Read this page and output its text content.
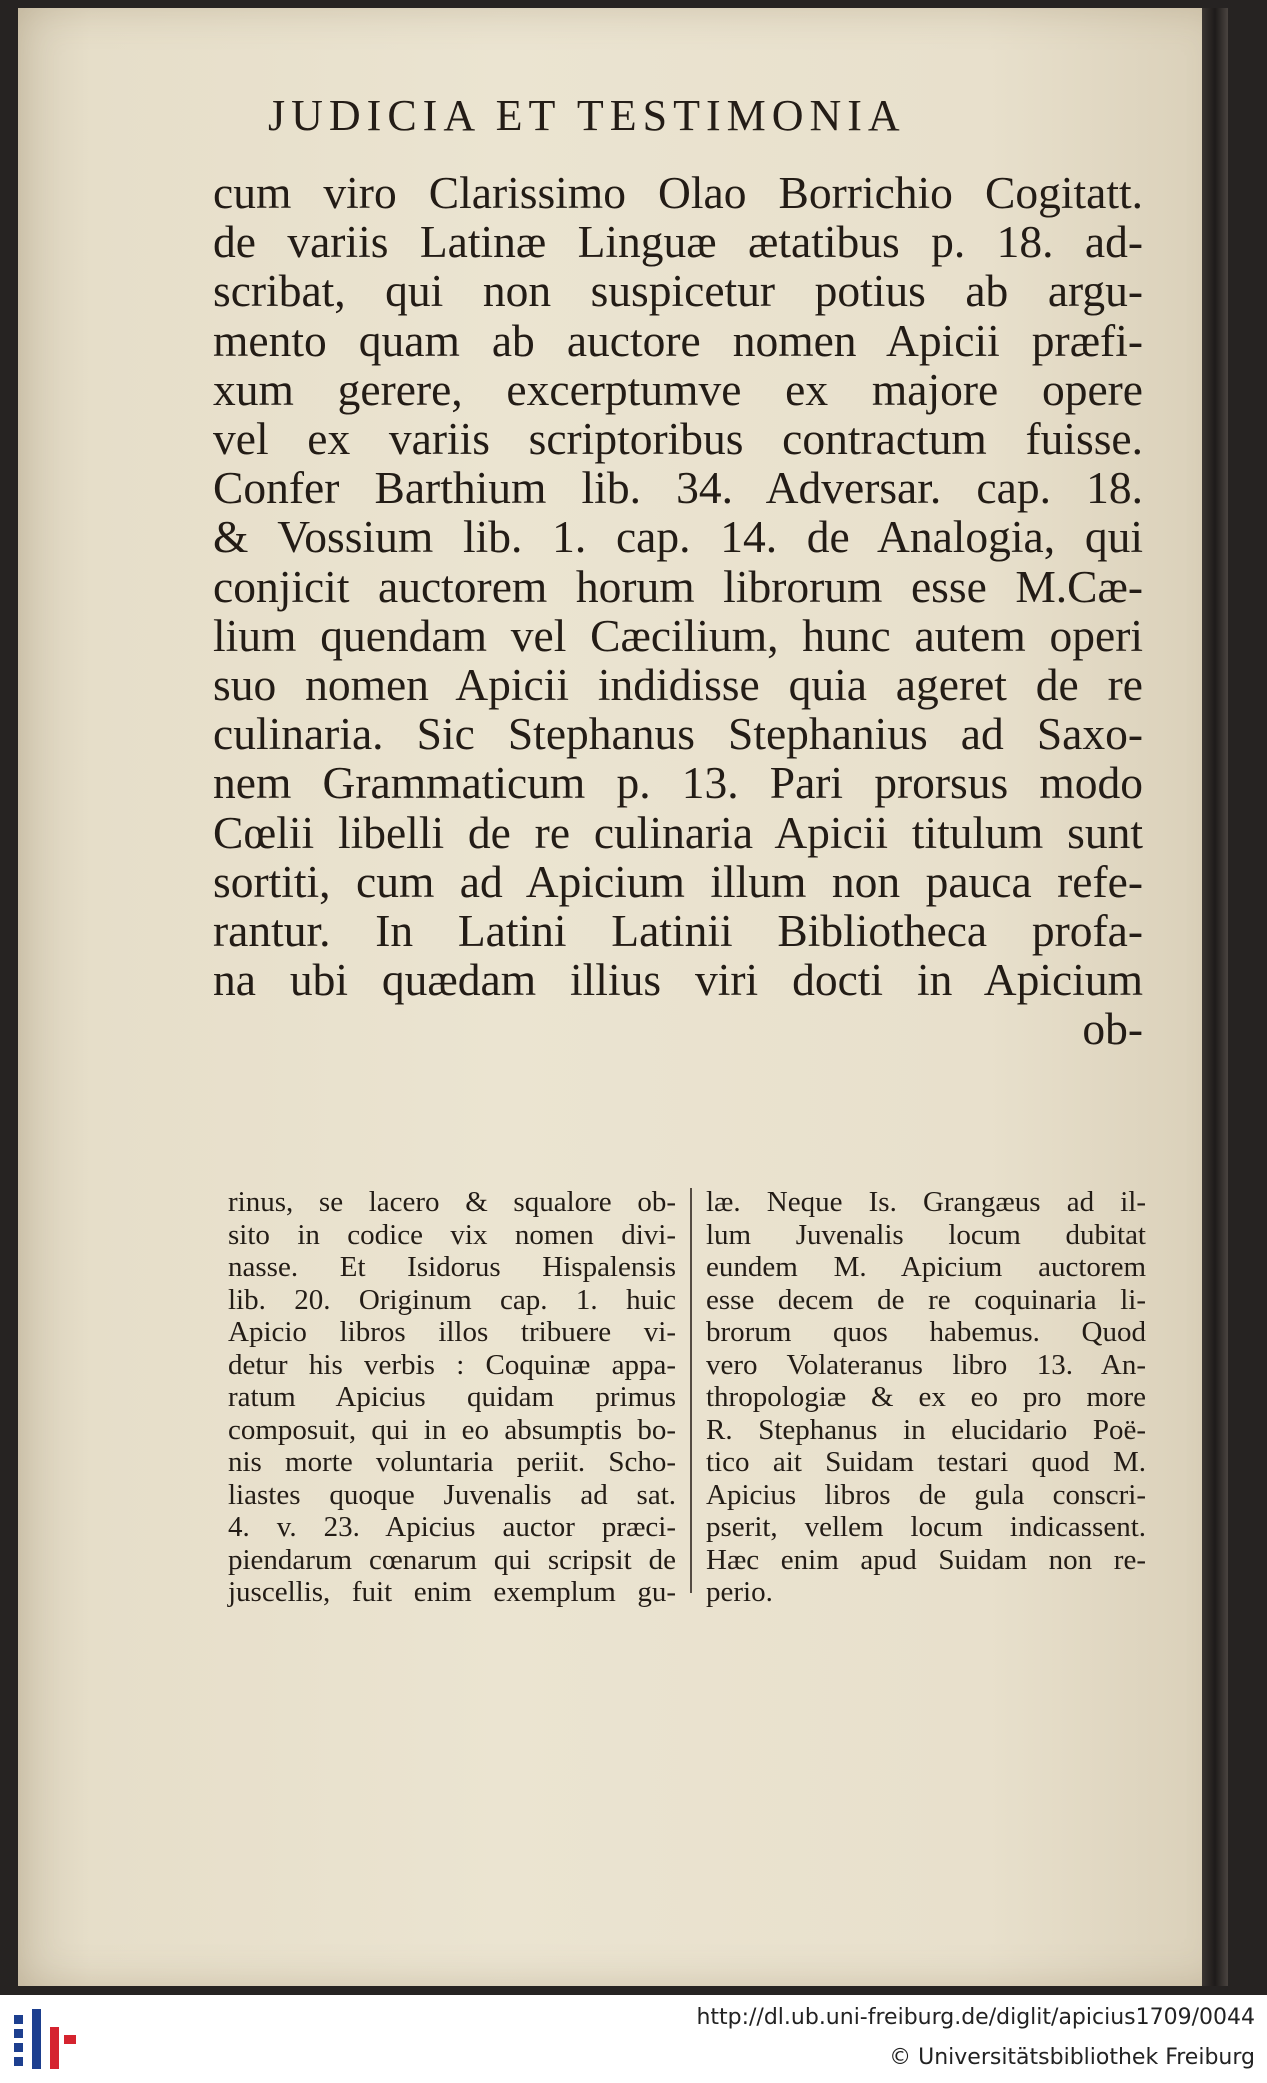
JUDICIA ET TESTIMONIA
cum viro Clarissimo Olao Borrichio Cogitatt.
de variis Latinæ Linguæ ætatibus p. 18. ad-
scribat, qui non suspicetur potius ab argu-
mento quam ab auctore nomen Apicii præfi-
xum gerere, excerptumve ex majore opere
vel ex variis scriptoribus contractum fuisse.
Confer Barthium lib. 34. Adversar. cap. 18.
& Vossium lib. 1. cap. 14. de Analogia, qui
conjicit auctorem horum librorum esse M.Cæ-
lium quendam vel Cæcilium, hunc autem operi
suo nomen Apicii indidisse quia ageret de re
culinaria. Sic Stephanus Stephanius ad Saxo-
nem Grammaticum p. 13. Pari prorsus modo
Cœlii libelli de re culinaria Apicii titulum sunt
sortiti, cum ad Apicium illum non pauca refe-
rantur. In Latini Latinii Bibliotheca profa-
na ubi quædam illius viri docti in Apicium
ob-
rinus, se lacero & squalore ob-
sito in codice vix nomen divi-
nasse. Et Isidorus Hispalensis
lib. 20. Originum cap. 1. huic
Apicio libros illos tribuere vi-
detur his verbis : Coquinæ appa-
ratum Apicius quidam primus
composuit, qui in eo absumptis bo-
nis morte voluntaria periit. Scho-
liastes quoque Juvenalis ad sat.
4. v. 23. Apicius auctor præci-
piendarum cœnarum qui scripsit de
juscellis, fuit enim exemplum gu-
læ. Neque Is. Grangæus ad il-
lum Juvenalis locum dubitat
eundem M. Apicium auctorem
esse decem de re coquinaria li-
brorum quos habemus. Quod
vero Volateranus libro 13. An-
thropologiæ & ex eo pro more
R. Stephanus in elucidario Poë-
tico ait Suidam testari quod M.
Apicius libros de gula conscri-
pserit, vellem locum indicassent.
Hæc enim apud Suidam non re-
perio.
http://dl.ub.uni-freiburg.de/diglit/apicius1709/0044
© Universitätsbibliothek Freiburg
